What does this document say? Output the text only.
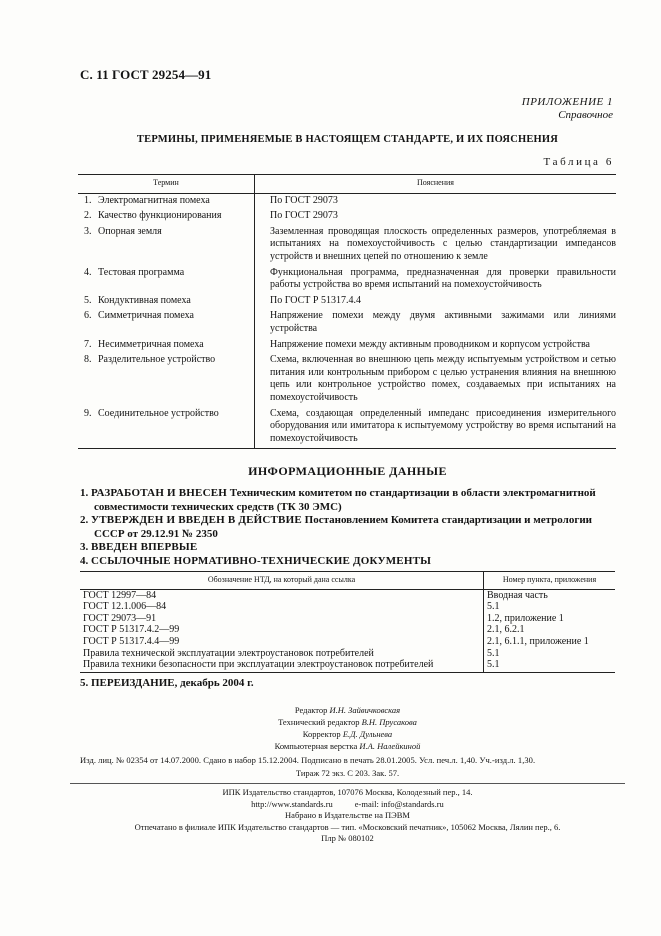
С. 11 ГОСТ 29254—91
ПРИЛОЖЕНИЕ 1
Справочное
ТЕРМИНЫ, ПРИМЕНЯЕМЫЕ В НАСТОЯЩЕМ СТАНДАРТЕ, И ИХ ПОЯСНЕНИЯ
Таблица 6
Термин	Пояснения
1. Электромагнитная помеха	По ГОСТ 29073
2. Качество функционирования	По ГОСТ 29073
3. Опорная земля	Заземленная проводящая плоскость определенных размеров, употребляемая в испытаниях на помехоустойчивость с целью стандартизации импедансов устройств и внешних цепей по отношению к земле
4. Тестовая программа	Функциональная программа, предназначенная для проверки правильности работы устройства во время испытаний на помехоустойчивость
5. Кондуктивная помеха	По ГОСТ Р 51317.4.4
6. Симметричная помеха	Напряжение помехи между двумя активными зажимами или линиями устройства
7. Несимметричная помеха	Напряжение помехи между активным проводником и корпусом устройства
8. Разделительное устройство	Схема, включенная во внешнюю цепь между испытуемым устройством и сетью питания или контрольным прибором с целью устранения влияния на внешнюю цепь или контрольное устройство помех, создаваемых при испытаниях на помехоустойчивость
9. Соединительное устройство	Схема, создающая определенный импеданс присоединения измерительного оборудования или имитатора к испытуемому устройству во время испытаний на помехоустойчивость
ИНФОРМАЦИОННЫЕ ДАННЫЕ
1. РАЗРАБОТАН И ВНЕСЕН Техническим комитетом по стандартизации в области электромагнитной совместимости технических средств (ТК 30 ЭМС)
2. УТВЕРЖДЕН И ВВЕДЕН В ДЕЙСТВИЕ Постановлением Комитета стандартизации и метрологии СССР от 29.12.91 № 2350
3. ВВЕДЕН ВПЕРВЫЕ
4. ССЫЛОЧНЫЕ НОРМАТИВНО-ТЕХНИЧЕСКИЕ ДОКУМЕНТЫ
Обозначение НТД, на который дана ссылка	Номер пункта, приложения
ГОСТ 12997—84	Вводная часть
ГОСТ 12.1.006—84	5.1
ГОСТ 29073—91	1.2, приложение 1
ГОСТ Р 51317.4.2—99	2.1, 6.2.1
ГОСТ Р 51317.4.4—99	2.1, 6.1.1, приложение 1
Правила технической эксплуатации электроустановок потребителей	5.1
Правила техники безопасности при эксплуатации электроустановок потребителей	5.1
5. ПЕРЕИЗДАНИЕ, декабрь 2004 г.
Редактор И.Н. Зайвичковская
Технический редактор В.Н. Прусакова
Корректор Е.Д. Дульнева
Компьютерная верстка И.А. Налейкиной
Изд. лиц. № 02354 от 14.07.2000. Сдано в набор 15.12.2004. Подписано в печать 28.01.2005. Усл. печ.л. 1,40. Уч.-изд.л. 1,30.
Тираж 72 экз. С 203. Зак. 57.
ИПК Издательство стандартов, 107076 Москва, Колодезный пер., 14.
http://www.standards.ru	e-mail: info@standards.ru
Набрано в Издательстве на ПЭВМ
Отпечатано в филиале ИПК Издательство стандартов — тип. «Московский печатник», 105062 Москва, Лялин пер., 6.
Плр № 080102
